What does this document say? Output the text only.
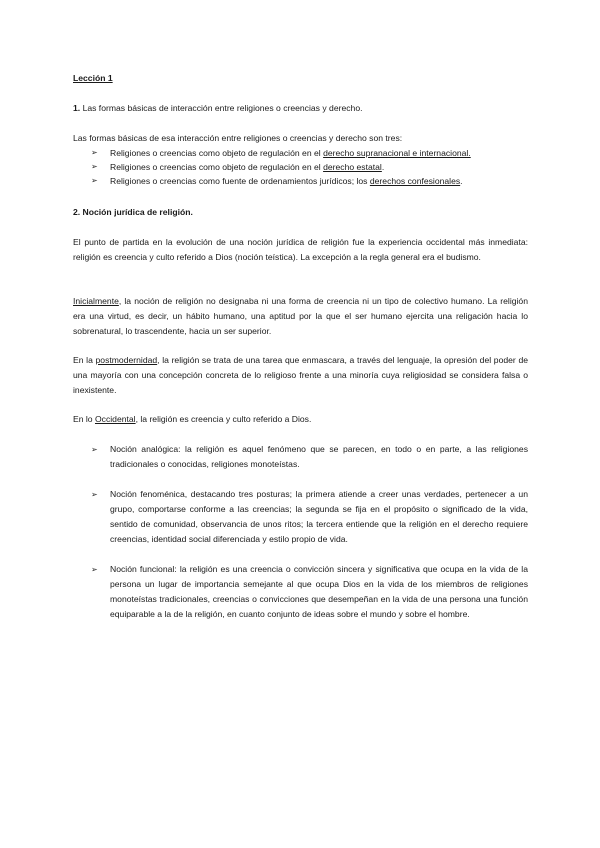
Lección 1

1. Las formas básicas de interacción entre religiones o creencias y derecho.

Las formas básicas de esa interacción entre religiones o creencias y derecho son tres:

➢	Religiones o creencias como objeto de regulación en el derecho supranacional e internacional.
➢	Religiones o creencias como objeto de regulación en el derecho estatal.
➢	Religiones o creencias como fuente de ordenamientos jurídicos; los derechos confesionales.

2. Noción jurídica de religión.

El punto de partida en la evolución de una noción jurídica de religión fue la experiencia occidental más inmediata: religión es creencia y culto referido a Dios (noción teística). La excepción a la regla general era el budismo.

Inicialmente, la noción de religión no designaba ni una forma de creencia ni un tipo de colectivo humano. La religión era una virtud, es decir, un hábito humano, una aptitud por la que el ser humano ejercita una religación hacia lo sobrenatural, lo trascendente, hacia un ser superior.

En la postmodernidad, la religión se trata de una tarea que enmascara, a través del lenguaje, la opresión del poder de una mayoría con una concepción concreta de lo religioso frente a una minoría cuya religiosidad se considera falsa o inexistente.

En lo Occidental, la religión es creencia y culto referido a Dios.

➢	Noción analógica: la religión es aquel fenómeno que se parecen, en todo o en parte, a las religiones tradicionales o conocidas, religiones monoteístas.

➢	Noción fenoménica, destacando tres posturas; la primera atiende a creer unas verdades, pertenecer a un grupo, comportarse conforme a las creencias; la segunda se fija en el propósito o significado de la vida, sentido de comunidad, observancia de unos ritos; la tercera entiende que la religión en el derecho requiere creencias, identidad social diferenciada y estilo propio de vida.

➢	Noción funcional: la religión es una creencia o convicción sincera y significativa que ocupa en la vida de la persona un lugar de importancia semejante al que ocupa Dios en la vida de los miembros de religiones monoteístas tradicionales, creencias o convicciones que desempeñan en la vida de una persona una función equiparable a la de la religión, en cuanto conjunto de ideas sobre el mundo y sobre el hombre.
